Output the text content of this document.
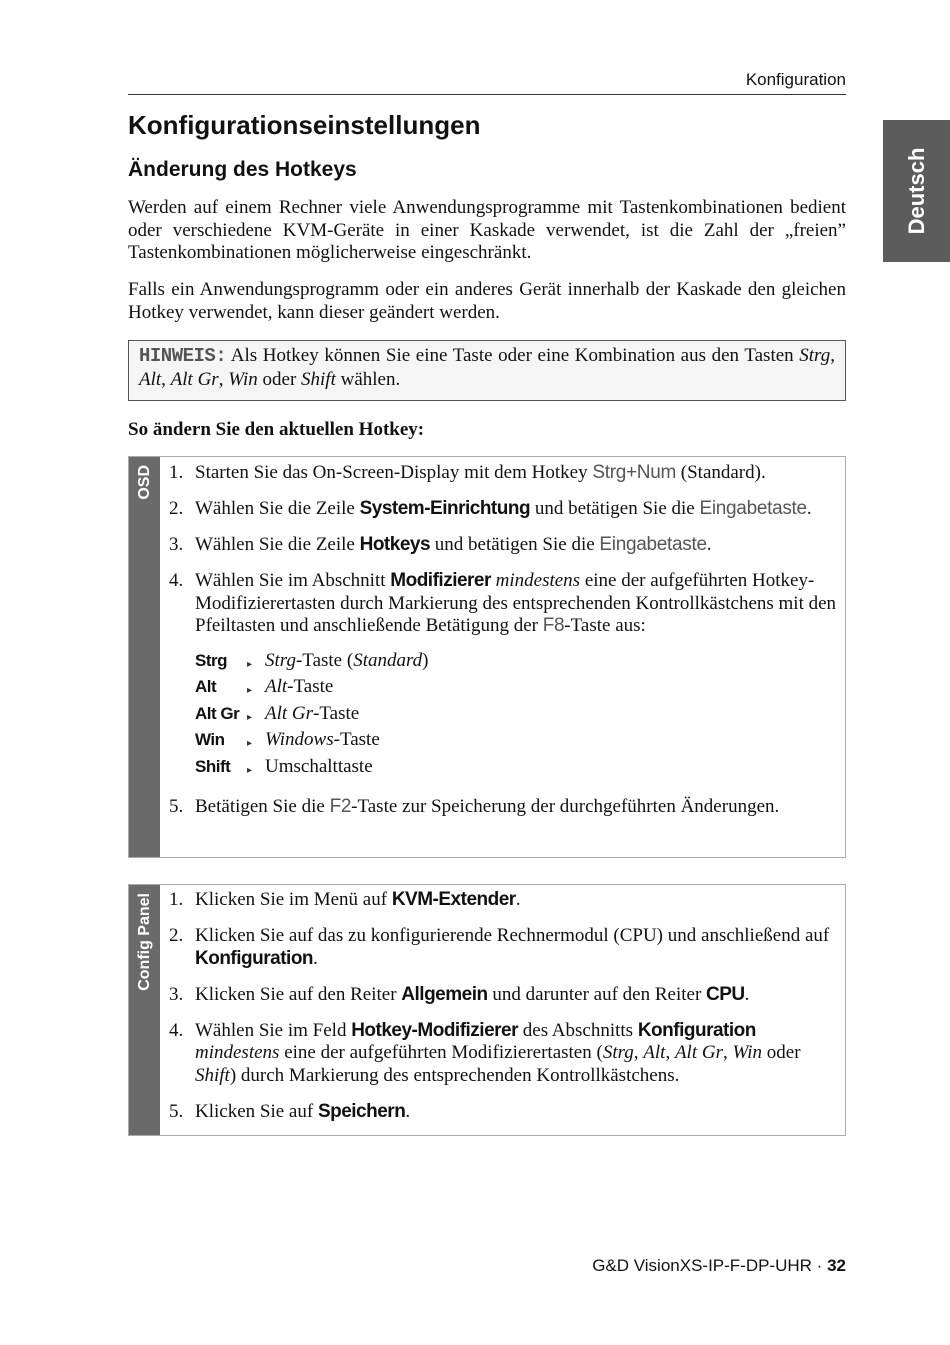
Konfiguration
Deutsch
Konfigurationseinstellungen
Änderung des Hotkeys

Werden auf einem Rechner viele Anwendungsprogramme mit Tastenkombinationen bedient oder verschiedene KVM-Geräte in einer Kaskade verwendet, ist die Zahl der „freien” Tastenkombinationen möglicherweise eingeschränkt.

Falls ein Anwendungsprogramm oder ein anderes Gerät innerhalb der Kaskade den gleichen Hotkey verwendet, kann dieser geändert werden.

HINWEIS: Als Hotkey können Sie eine Taste oder eine Kombination aus den Tasten Strg, Alt, Alt Gr, Win oder Shift wählen.

So ändern Sie den aktuellen Hotkey:

OSD 1. Starten Sie das On-Screen-Display mit dem Hotkey Strg+Num (Standard).
2. Wählen Sie die Zeile System-Einrichtung und betätigen Sie die Eingabetaste.
3. Wählen Sie die Zeile Hotkeys und betätigen Sie die Eingabetaste.
4. Wählen Sie im Abschnitt Modifizierer mindestens eine der aufgeführten Hotkey-Modifizierertasten durch Markierung des entsprechenden Kontrollkästchens mit den Pfeiltasten und anschließende Betätigung der F8-Taste aus:
Strg	▸	Strg-Taste (Standard)
Alt	▸	Alt-Taste
Alt Gr	▸	Alt Gr-Taste
Win	▸	Windows-Taste
Shift	▸	Umschalttaste
5. Betätigen Sie die F2-Taste zur Speicherung der durchgeführten Änderungen.
Config Panel 1. Klicken Sie im Menü auf KVM-Extender.
2. Klicken Sie auf das zu konfigurierende Rechnermodul (CPU) und anschließend auf Konfiguration.
3. Klicken Sie auf den Reiter Allgemein und darunter auf den Reiter CPU.
4. Wählen Sie im Feld Hotkey-Modifizierer des Abschnitts Konfiguration mindestens eine der aufgeführten Modifizierertasten (Strg, Alt, Alt Gr, Win oder Shift) durch Markierung des entsprechenden Kontrollkästchens.
5. Klicken Sie auf Speichern.
G&D VisionXS-IP-F-DP-UHR · 32
